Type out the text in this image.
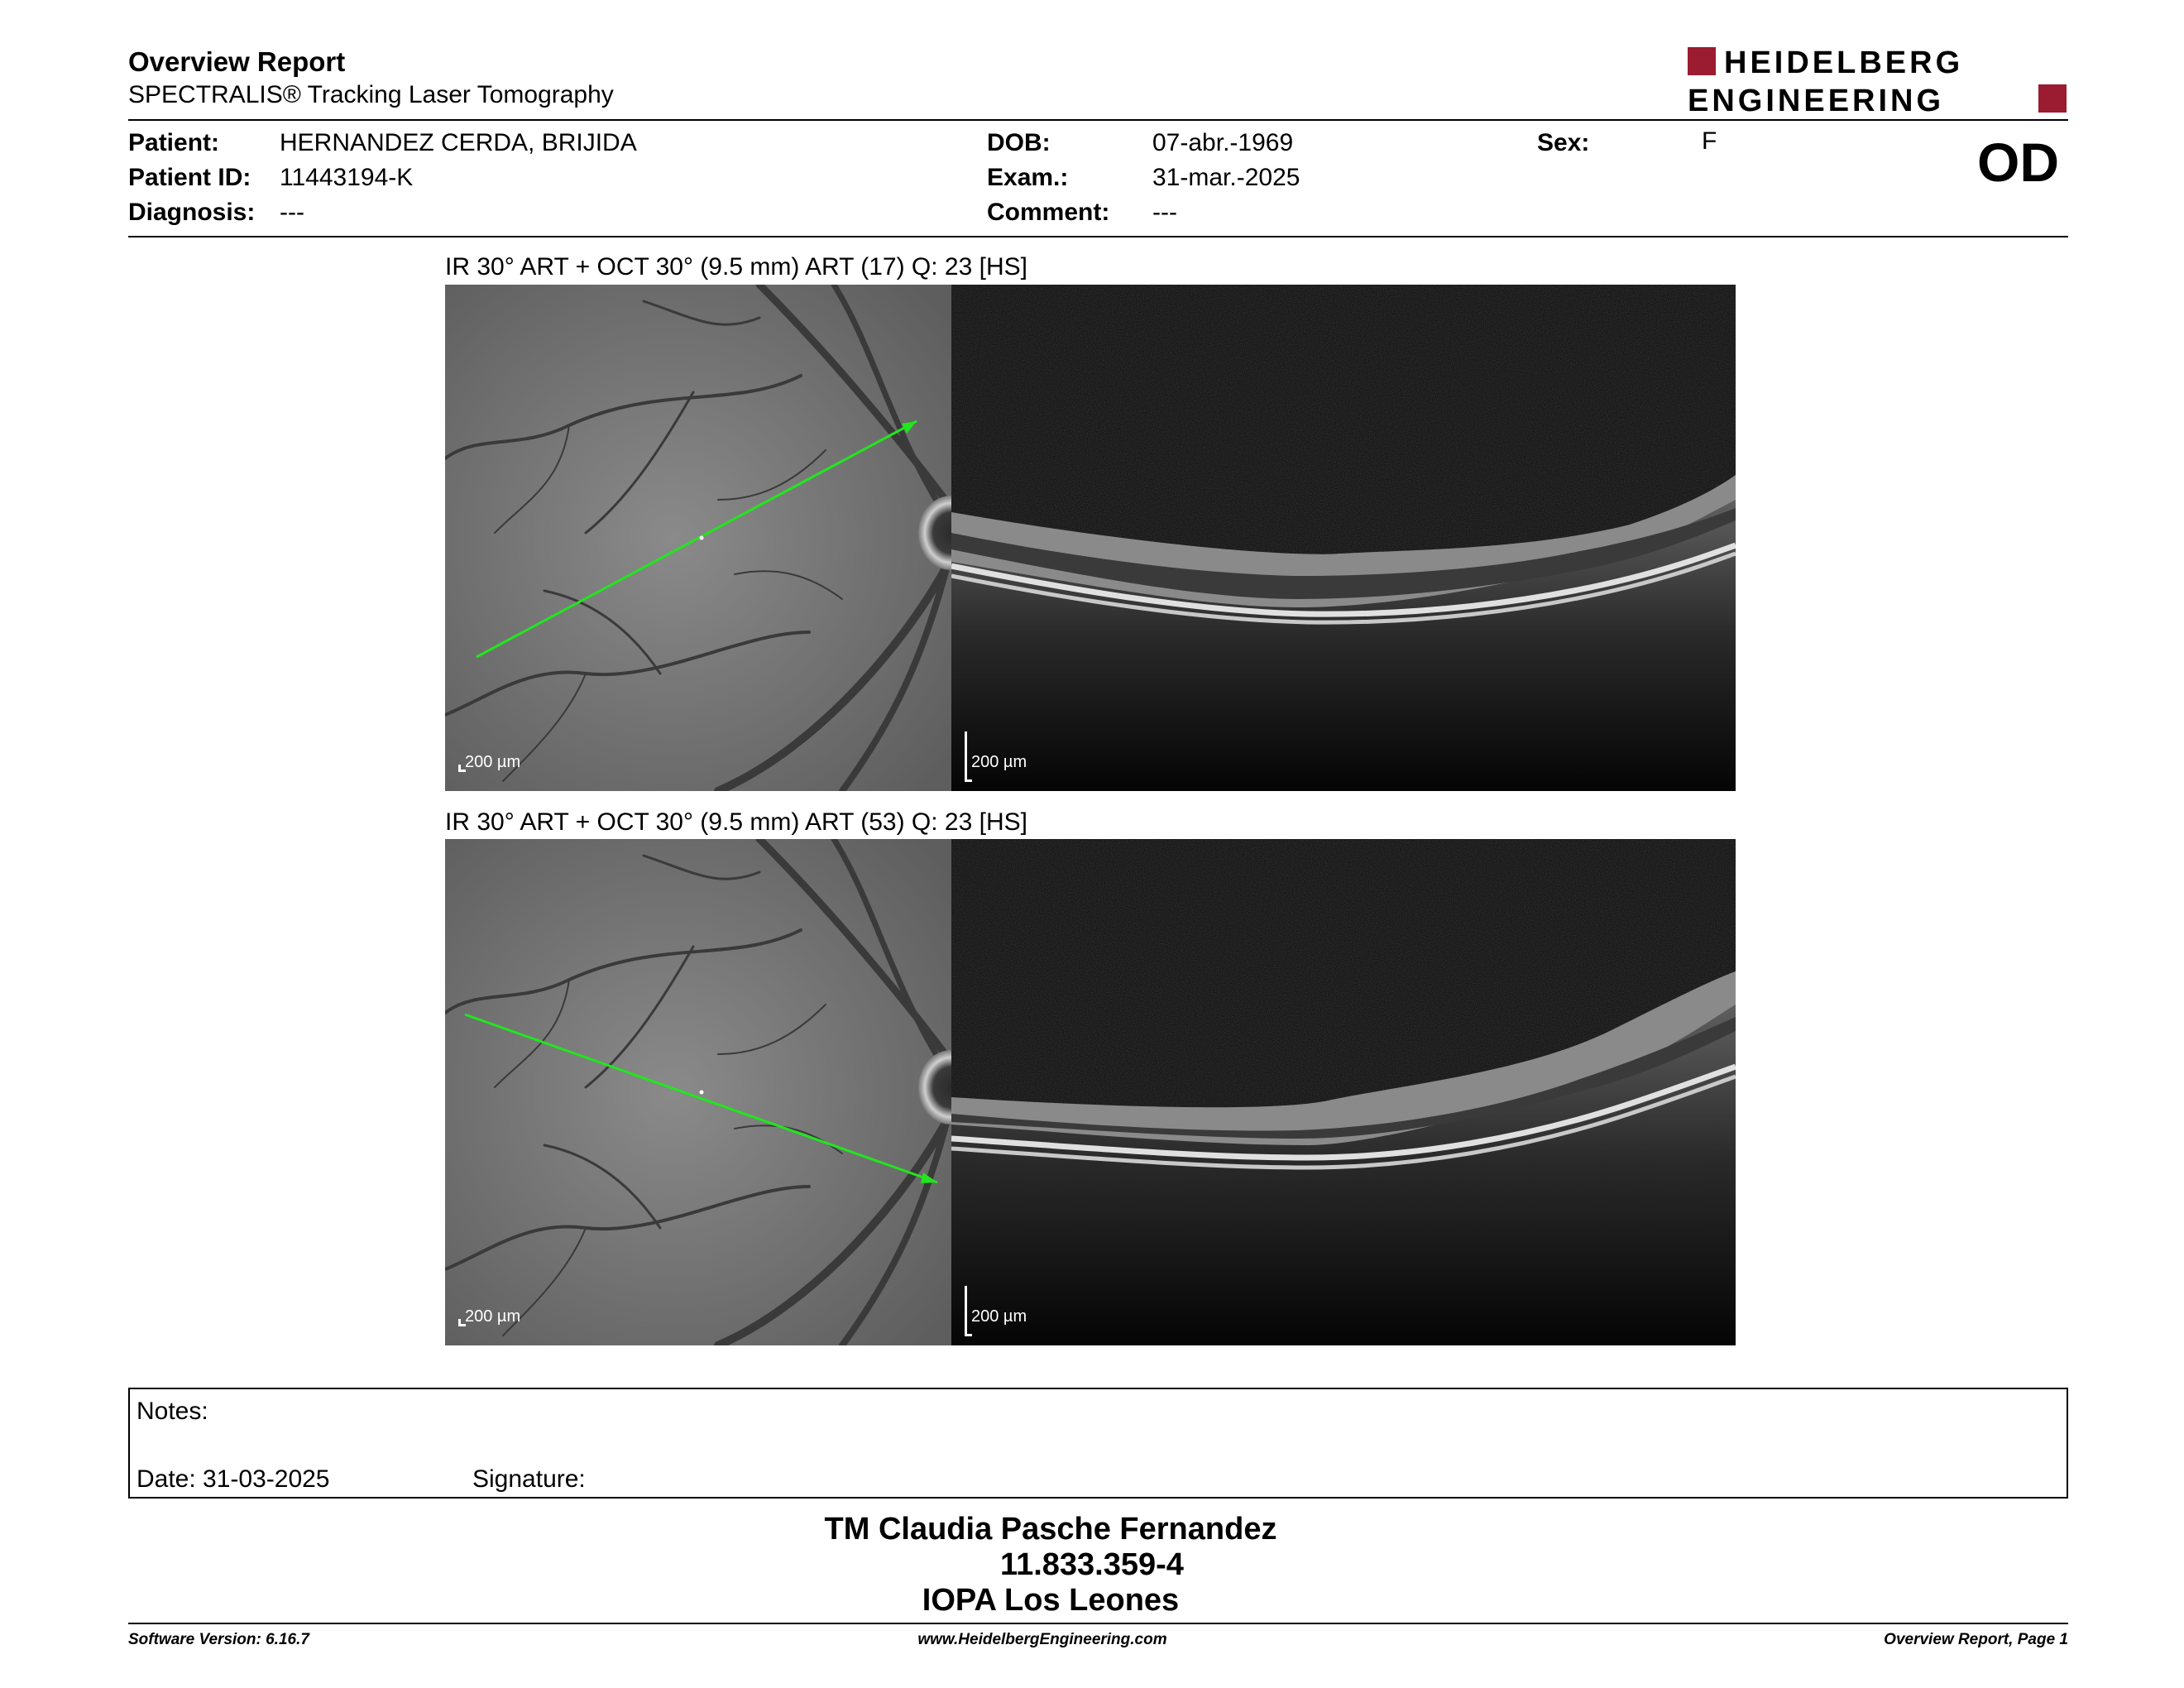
Overview Report
SPECTRALIS® Tracking Laser Tomography
HEIDELBERG
ENGINEERING
OD
Patient: HERNANDEZ CERDA, BRIJIDA
Patient ID: 11443194-K
Diagnosis: ---
DOB:	07-abr.-1969
Exam.:	31-mar.-2025
Comment: ---
Sex:	F
IR 30° ART + OCT 30° (9.5 mm) ART (17) Q: 23 [HS]
200 µm	200 µm
IR 30° ART + OCT 30° (9.5 mm) ART (53) Q: 23 [HS]
200 µm	200 µm
Notes:
Date: 31-03-2025	Signature:
TM Claudia Pasche Fernandez
11.833.359-4
IOPA Los Leones
Software Version: 6.16.7	www.HeidelbergEngineering.com	Overview Report, Page 1
